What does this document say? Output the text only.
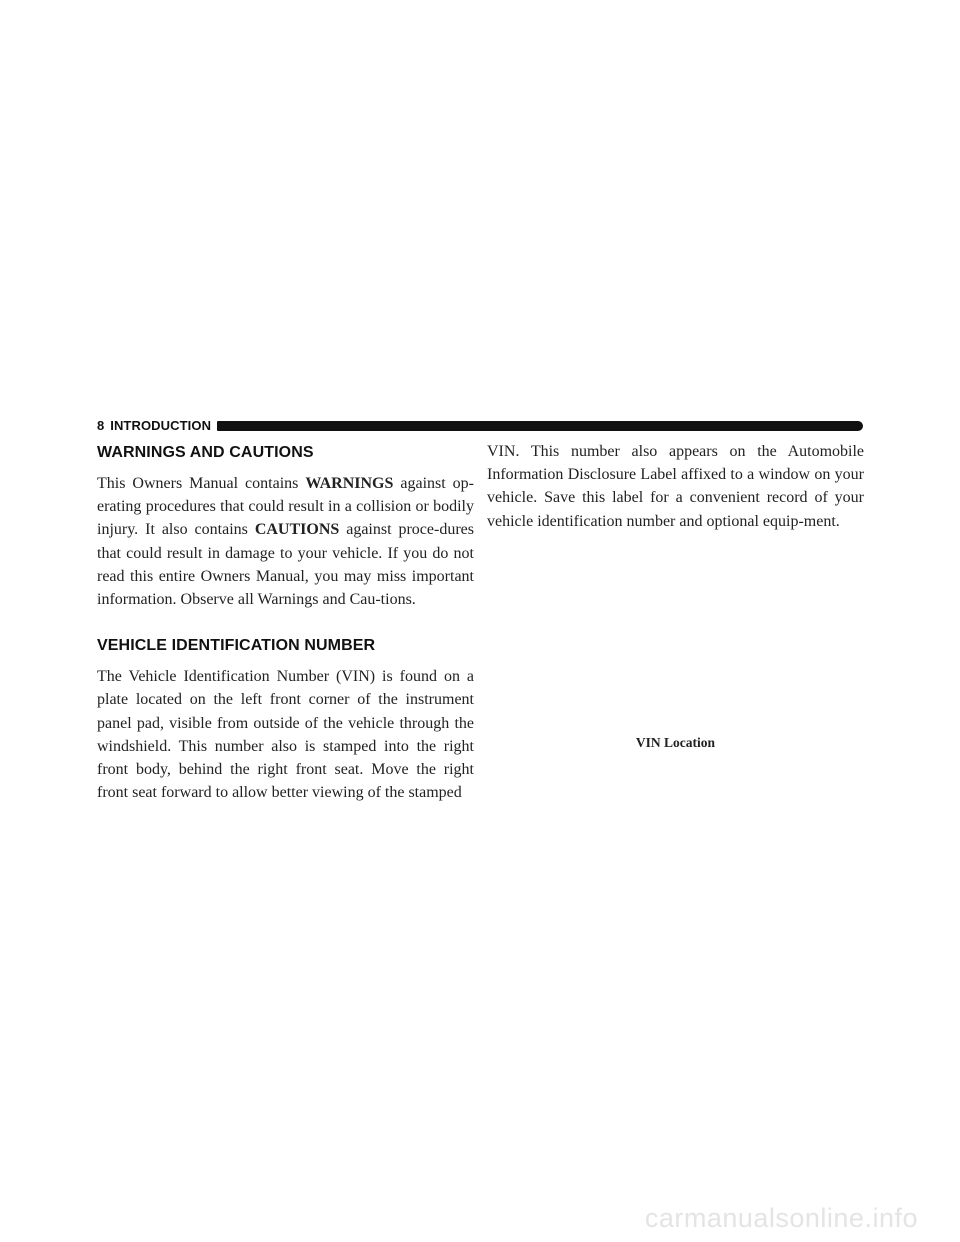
8 INTRODUCTION
WARNINGS AND CAUTIONS

This Owners Manual contains WARNINGS against op-erating procedures that could result in a collision or bodily injury. It also contains CAUTIONS against proce-dures that could result in damage to your vehicle. If you do not read this entire Owners Manual, you may miss important information. Observe all Warnings and Cau-tions.

VEHICLE IDENTIFICATION NUMBER

The Vehicle Identification Number (VIN) is found on a plate located on the left front corner of the instrument panel pad, visible from outside of the vehicle through the windshield. This number also is stamped into the right front body, behind the right front seat. Move the right front seat forward to allow better viewing of the stamped

VIN. This number also appears on the Automobile Information Disclosure Label affixed to a window on your vehicle. Save this label for a convenient record of your vehicle identification number and optional equip-ment.

VIN Location
carmanualsonline.info
